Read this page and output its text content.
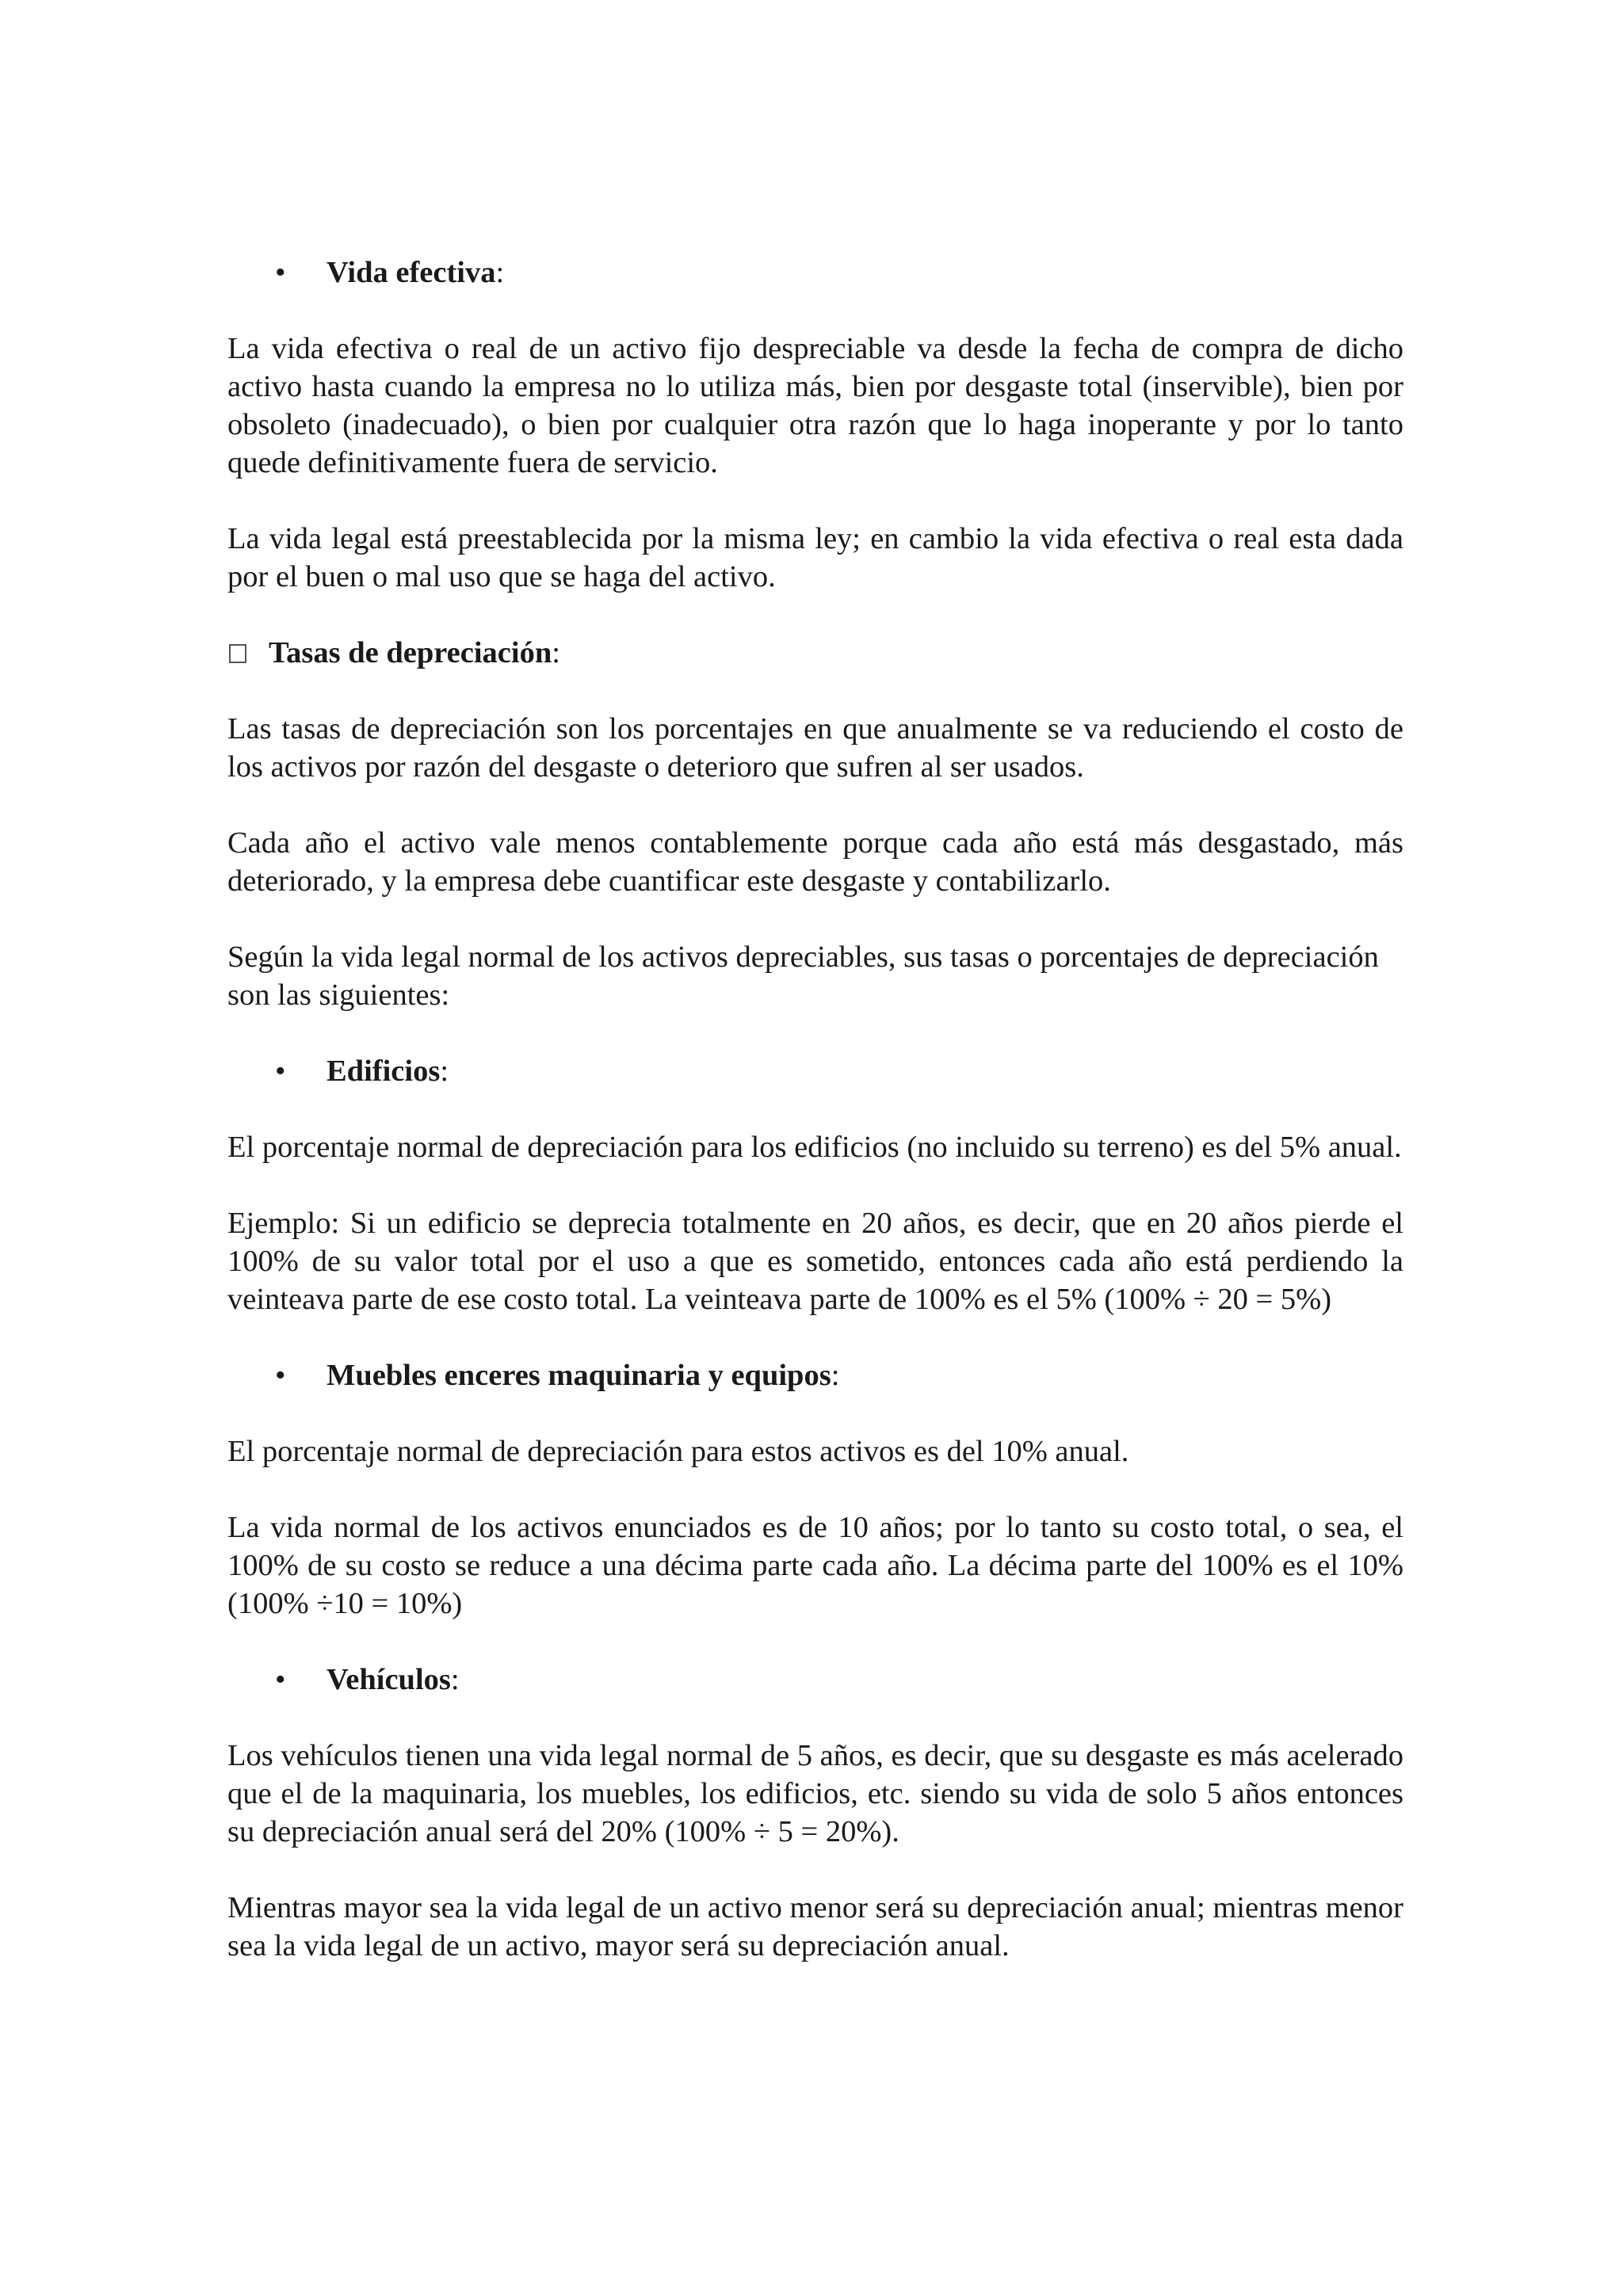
• Vida efectiva:

La vida efectiva o real de un activo fijo despreciable va desde la fecha de compra de dicho activo hasta cuando la empresa no lo utiliza más, bien por desgaste total (inservible), bien por obsoleto (inadecuado), o bien por cualquier otra razón que lo haga inoperante y por lo tanto quede definitivamente fuera de servicio.

La vida legal está preestablecida por la misma ley; en cambio la vida efectiva o real esta dada por el buen o mal uso que se haga del activo.

Tasas de depreciación:

Las tasas de depreciación son los porcentajes en que anualmente se va reduciendo el costo de los activos por razón del desgaste o deterioro que sufren al ser usados.

Cada año el activo vale menos contablemente porque cada año está más desgastado, más deteriorado, y la empresa debe cuantificar este desgaste y contabilizarlo.

Según la vida legal normal de los activos depreciables, sus tasas o porcentajes de depreciación son las siguientes:

• Edificios:

El porcentaje normal de depreciación para los edificios (no incluido su terreno) es del 5% anual.

Ejemplo: Si un edificio se deprecia totalmente en 20 años, es decir, que en 20 años pierde el 100% de su valor total por el uso a que es sometido, entonces cada año está perdiendo la veinteava parte de ese costo total. La veinteava parte de 100% es el 5% (100% ÷ 20 = 5%)

• Muebles enceres maquinaria y equipos:

El porcentaje normal de depreciación para estos activos es del 10% anual.

La vida normal de los activos enunciados es de 10 años; por lo tanto su costo total, o sea, el 100% de su costo se reduce a una décima parte cada año. La décima parte del 100% es el 10% (100% ÷10 = 10%)

• Vehículos:

Los vehículos tienen una vida legal normal de 5 años, es decir, que su desgaste es más acelerado que el de la maquinaria, los muebles, los edificios, etc. siendo su vida de solo 5 años entonces su depreciación anual será del 20% (100% ÷ 5 = 20%).

Mientras mayor sea la vida legal de un activo menor será su depreciación anual; mientras menor sea la vida legal de un activo, mayor será su depreciación anual.
